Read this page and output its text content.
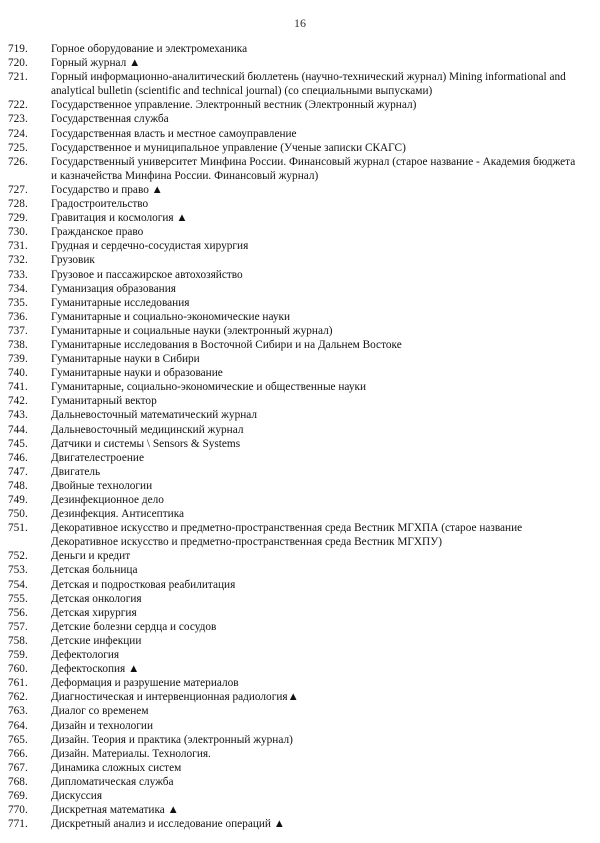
16
719.	Горное оборудование и электромеханика
720.	Горный журнал ▲
721.	Горный информационно-аналитический бюллетень (научно-технический журнал) Mining informational and analytical bulletin (scientific and technical journal) (со специальными выпусками)
722.	Государственное управление. Электронный вестник (Электронный журнал)
723.	Государственная служба
724.	Государственная власть и местное самоуправление
725.	Государственное и муниципальное управление (Ученые записки СКАГС)
726.	Государственный университет Минфина России. Финансовый журнал (старое название - Академия бюджета и казначейства Минфина России. Финансовый журнал)
727.	Государство и право ▲
728.	Градостроительство
729.	Гравитация и космология ▲
730.	Гражданское право
731.	Грудная и сердечно-сосудистая хирургия
732.	Грузовик
733.	Грузовое и пассажирское автохозяйство
734.	Гуманизация образования
735.	Гуманитарные исследования
736.	Гуманитарные и социально-экономические науки
737.	Гуманитарные и социальные науки (электронный журнал)
738.	Гуманитарные исследования в Восточной Сибири и на Дальнем Востоке
739.	Гуманитарные науки в Сибири
740.	Гуманитарные науки и образование
741.	Гуманитарные, социально-экономические и общественные науки
742.	Гуманитарный вектор
743.	Дальневосточный математический журнал
744.	Дальневосточный медицинский журнал
745.	Датчики и системы \ Sensors & Systems
746.	Двигателестроение
747.	Двигатель
748.	Двойные технологии
749.	Дезинфекционное дело
750.	Дезинфекция. Антисептика
751.	Декоративное искусство и предметно-пространственная среда Вестник МГХПА (старое название Декоративное искусство и предметно-пространственная среда Вестник МГХПУ)
752.	Деньги и кредит
753.	Детская больница
754.	Детская и подростковая реабилитация
755.	Детская онкология
756.	Детская хирургия
757.	Детские болезни сердца и сосудов
758.	Детские инфекции
759.	Дефектология
760.	Дефектоскопия ▲
761.	Деформация и разрушение материалов
762.	Диагностическая и интервенционная радиология▲
763.	Диалог со временем
764.	Дизайн и технологии
765.	Дизайн. Теория и практика (электронный журнал)
766.	Дизайн. Материалы. Технология.
767.	Динамика сложных систем
768.	Дипломатическая служба
769.	Дискуссия
770.	Дискретная математика ▲
771.	Дискретный анализ и исследование операций ▲
